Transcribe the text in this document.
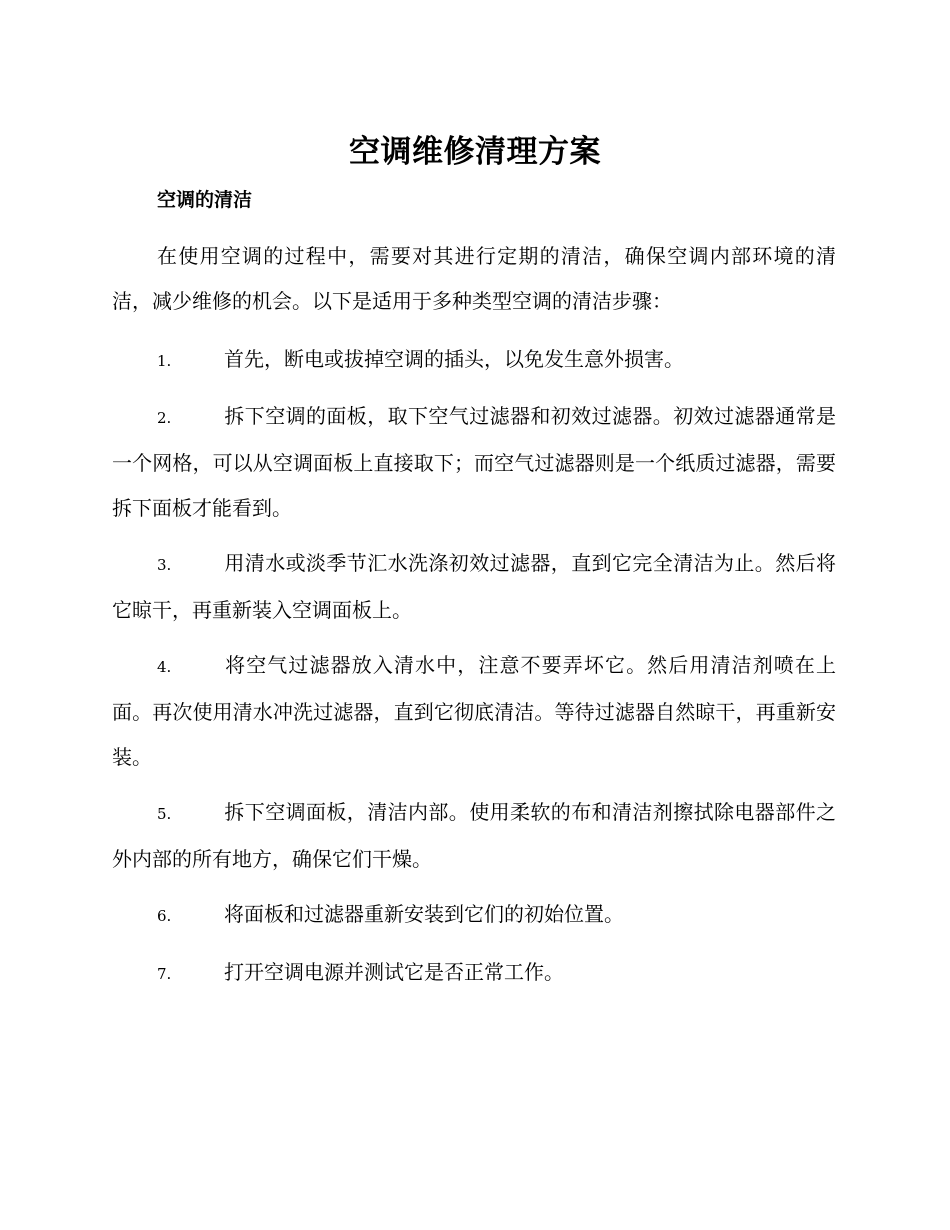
空调维修清理方案
空调的清洁

在使用空调的过程中，需要对其进行定期的清洁，确保空调内部环境的清洁，减少维修的机会。以下是适用于多种类型空调的清洁步骤：

1.	首先，断电或拔掉空调的插头，以免发生意外损害。

2.	拆下空调的面板，取下空气过滤器和初效过滤器。初效过滤器通常是一个网格，可以从空调面板上直接取下；而空气过滤器则是一个纸质过滤器，需要拆下面板才能看到。

3.	用清水或淡季节汇水洗涤初效过滤器，直到它完全清洁为止。然后将它晾干，再重新装入空调面板上。

4.	将空气过滤器放入清水中，注意不要弄坏它。然后用清洁剂喷在上面。再次使用清水冲洗过滤器，直到它彻底清洁。等待过滤器自然晾干，再重新安装。

5.	拆下空调面板，清洁内部。使用柔软的布和清洁剂擦拭除电器部件之外内部的所有地方，确保它们干燥。

6.	将面板和过滤器重新安装到它们的初始位置。

7.	打开空调电源并测试它是否正常工作。
